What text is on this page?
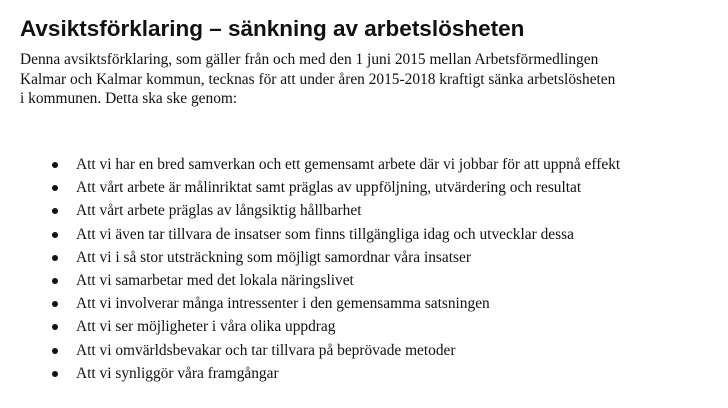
Avsiktsförklaring – sänkning av arbetslösheten

Denna avsiktsförklaring, som gäller från och med den 1 juni 2015 mellan Arbetsförmedlingen
Kalmar och Kalmar kommun, tecknas för att under åren 2015-2018 kraftigt sänka arbetslösheten
i kommunen. Detta ska ske genom:

Att vi har en bred samverkan och ett gemensamt arbete där vi jobbar för att uppnå effekt
Att vårt arbete är målinriktat samt präglas av uppföljning, utvärdering och resultat
Att vårt arbete präglas av långsiktig hållbarhet
Att vi även tar tillvara de insatser som finns tillgängliga idag och utvecklar dessa
Att vi i så stor utsträckning som möjligt samordnar våra insatser
Att vi samarbetar med det lokala näringslivet
Att vi involverar många intressenter i den gemensamma satsningen
Att vi ser möjligheter i våra olika uppdrag
Att vi omvärldsbevakar och tar tillvara på beprövade metoder
Att vi synliggör våra framgångar
